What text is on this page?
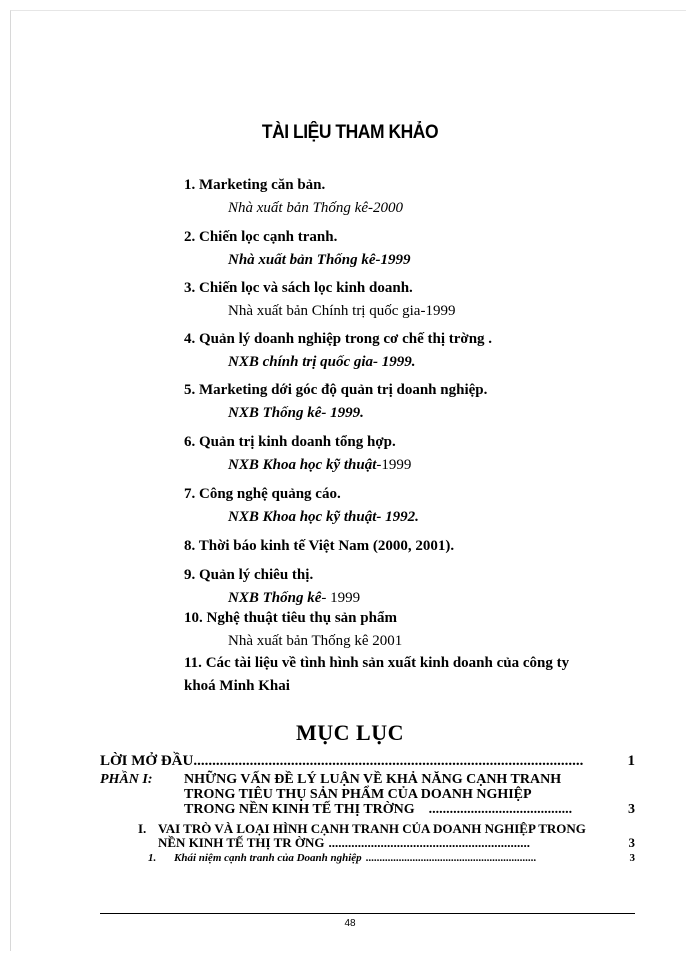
TÀI LIỆU THAM KHẢO
1. Marketing căn bản.
Nhà xuất bản Thống kê-2000
2. Chiến lọc cạnh tranh.
Nhà xuất bản Thống kê-1999
3. Chiến lọc và sách lọc kinh doanh.
Nhà xuất bản Chính trị quốc gia-1999
4. Quản lý doanh nghiệp trong cơ chế thị trờng .
NXB chính trị quốc gia- 1999.
5. Marketing dới góc độ quản trị doanh nghiệp.
NXB Thống kê- 1999.
6. Quản trị kinh doanh tổng hợp.
NXB Khoa học kỹ thuật-1999
7. Công nghệ quảng cáo.
NXB Khoa học kỹ thuật- 1992.
8. Thời báo kinh tế Việt Nam (2000, 2001).
9. Quản lý chiêu thị.
NXB Thống kê- 1999
10. Nghệ thuật tiêu thụ sản phẩm
Nhà xuất bản Thống kê 2001
11. Các tài liệu về tình hình sản xuất kinh doanh của công ty
khoá Minh Khai
MỤC LỤC
LỜI MỞ ĐẦU ........................................................................................................	1
PHẦN I: NHỮNG VẤN ĐỀ LÝ LUẬN VỀ KHẢ NĂNG CẠNH TRANH
TRONG TIÊU THỤ SẢN PHẨM CỦA DOANH NGHIỆP
TRONG NỀN KINH TẾ THỊ TRỜNG .........................................	3
I. VAI TRÒ VÀ LOẠI HÌNH CẠNH TRANH CỦA DOANH NGHIỆP TRONG
NỀN KINH TẾ THỊ TR ỜNG ..............................................................	3
1.	Khái niệm cạnh tranh của Doanh nghiệp ..............................................................	3
48
